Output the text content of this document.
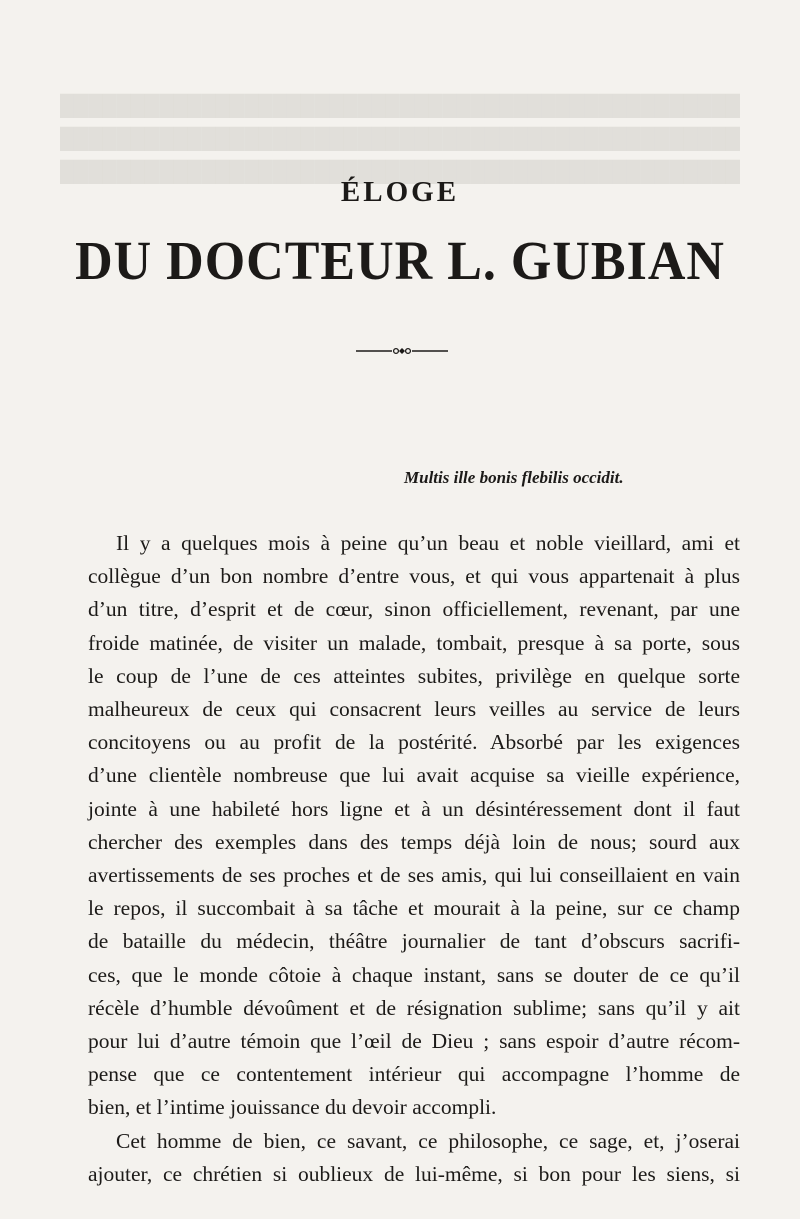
████████████████████████████████████████████████
████████████████████████████████████████████████
████████████████████████████████████████████████
ÉLOGE
DU DOCTEUR L. GUBIAN
Multis ille bonis flebilis occidit.
Il y a quelques mois à peine qu’un beau et noble vieillard, ami et
collègue d’un bon nombre d’entre vous, et qui vous appartenait à plus
d’un titre, d’esprit et de cœur, sinon officiellement, revenant, par une
froide matinée, de visiter un malade, tombait, presque à sa porte, sous
le coup de l’une de ces atteintes subites, privilège en quelque sorte
malheureux de ceux qui consacrent leurs veilles au service de leurs
concitoyens ou au profit de la postérité. Absorbé par les exigences
d’une clientèle nombreuse que lui avait acquise sa vieille expérience,
jointe à une habileté hors ligne et à un désintéressement dont il faut
chercher des exemples dans des temps déjà loin de nous; sourd aux
avertissements de ses proches et de ses amis, qui lui conseillaient en vain
le repos, il succombait à sa tâche et mourait à la peine, sur ce champ
de bataille du médecin, théâtre journalier de tant d’obscurs sacrifi-
ces, que le monde côtoie à chaque instant, sans se douter de ce qu’il
récèle d’humble dévoûment et de résignation sublime; sans qu’il y ait
pour lui d’autre témoin que l’œil de Dieu ; sans espoir d’autre récom-
pense que ce contentement intérieur qui accompagne l’homme de
bien, et l’intime jouissance du devoir accompli.
Cet homme de bien, ce savant, ce philosophe, ce sage, et, j’oserai
ajouter, ce chrétien si oublieux de lui-même, si bon pour les siens, si
